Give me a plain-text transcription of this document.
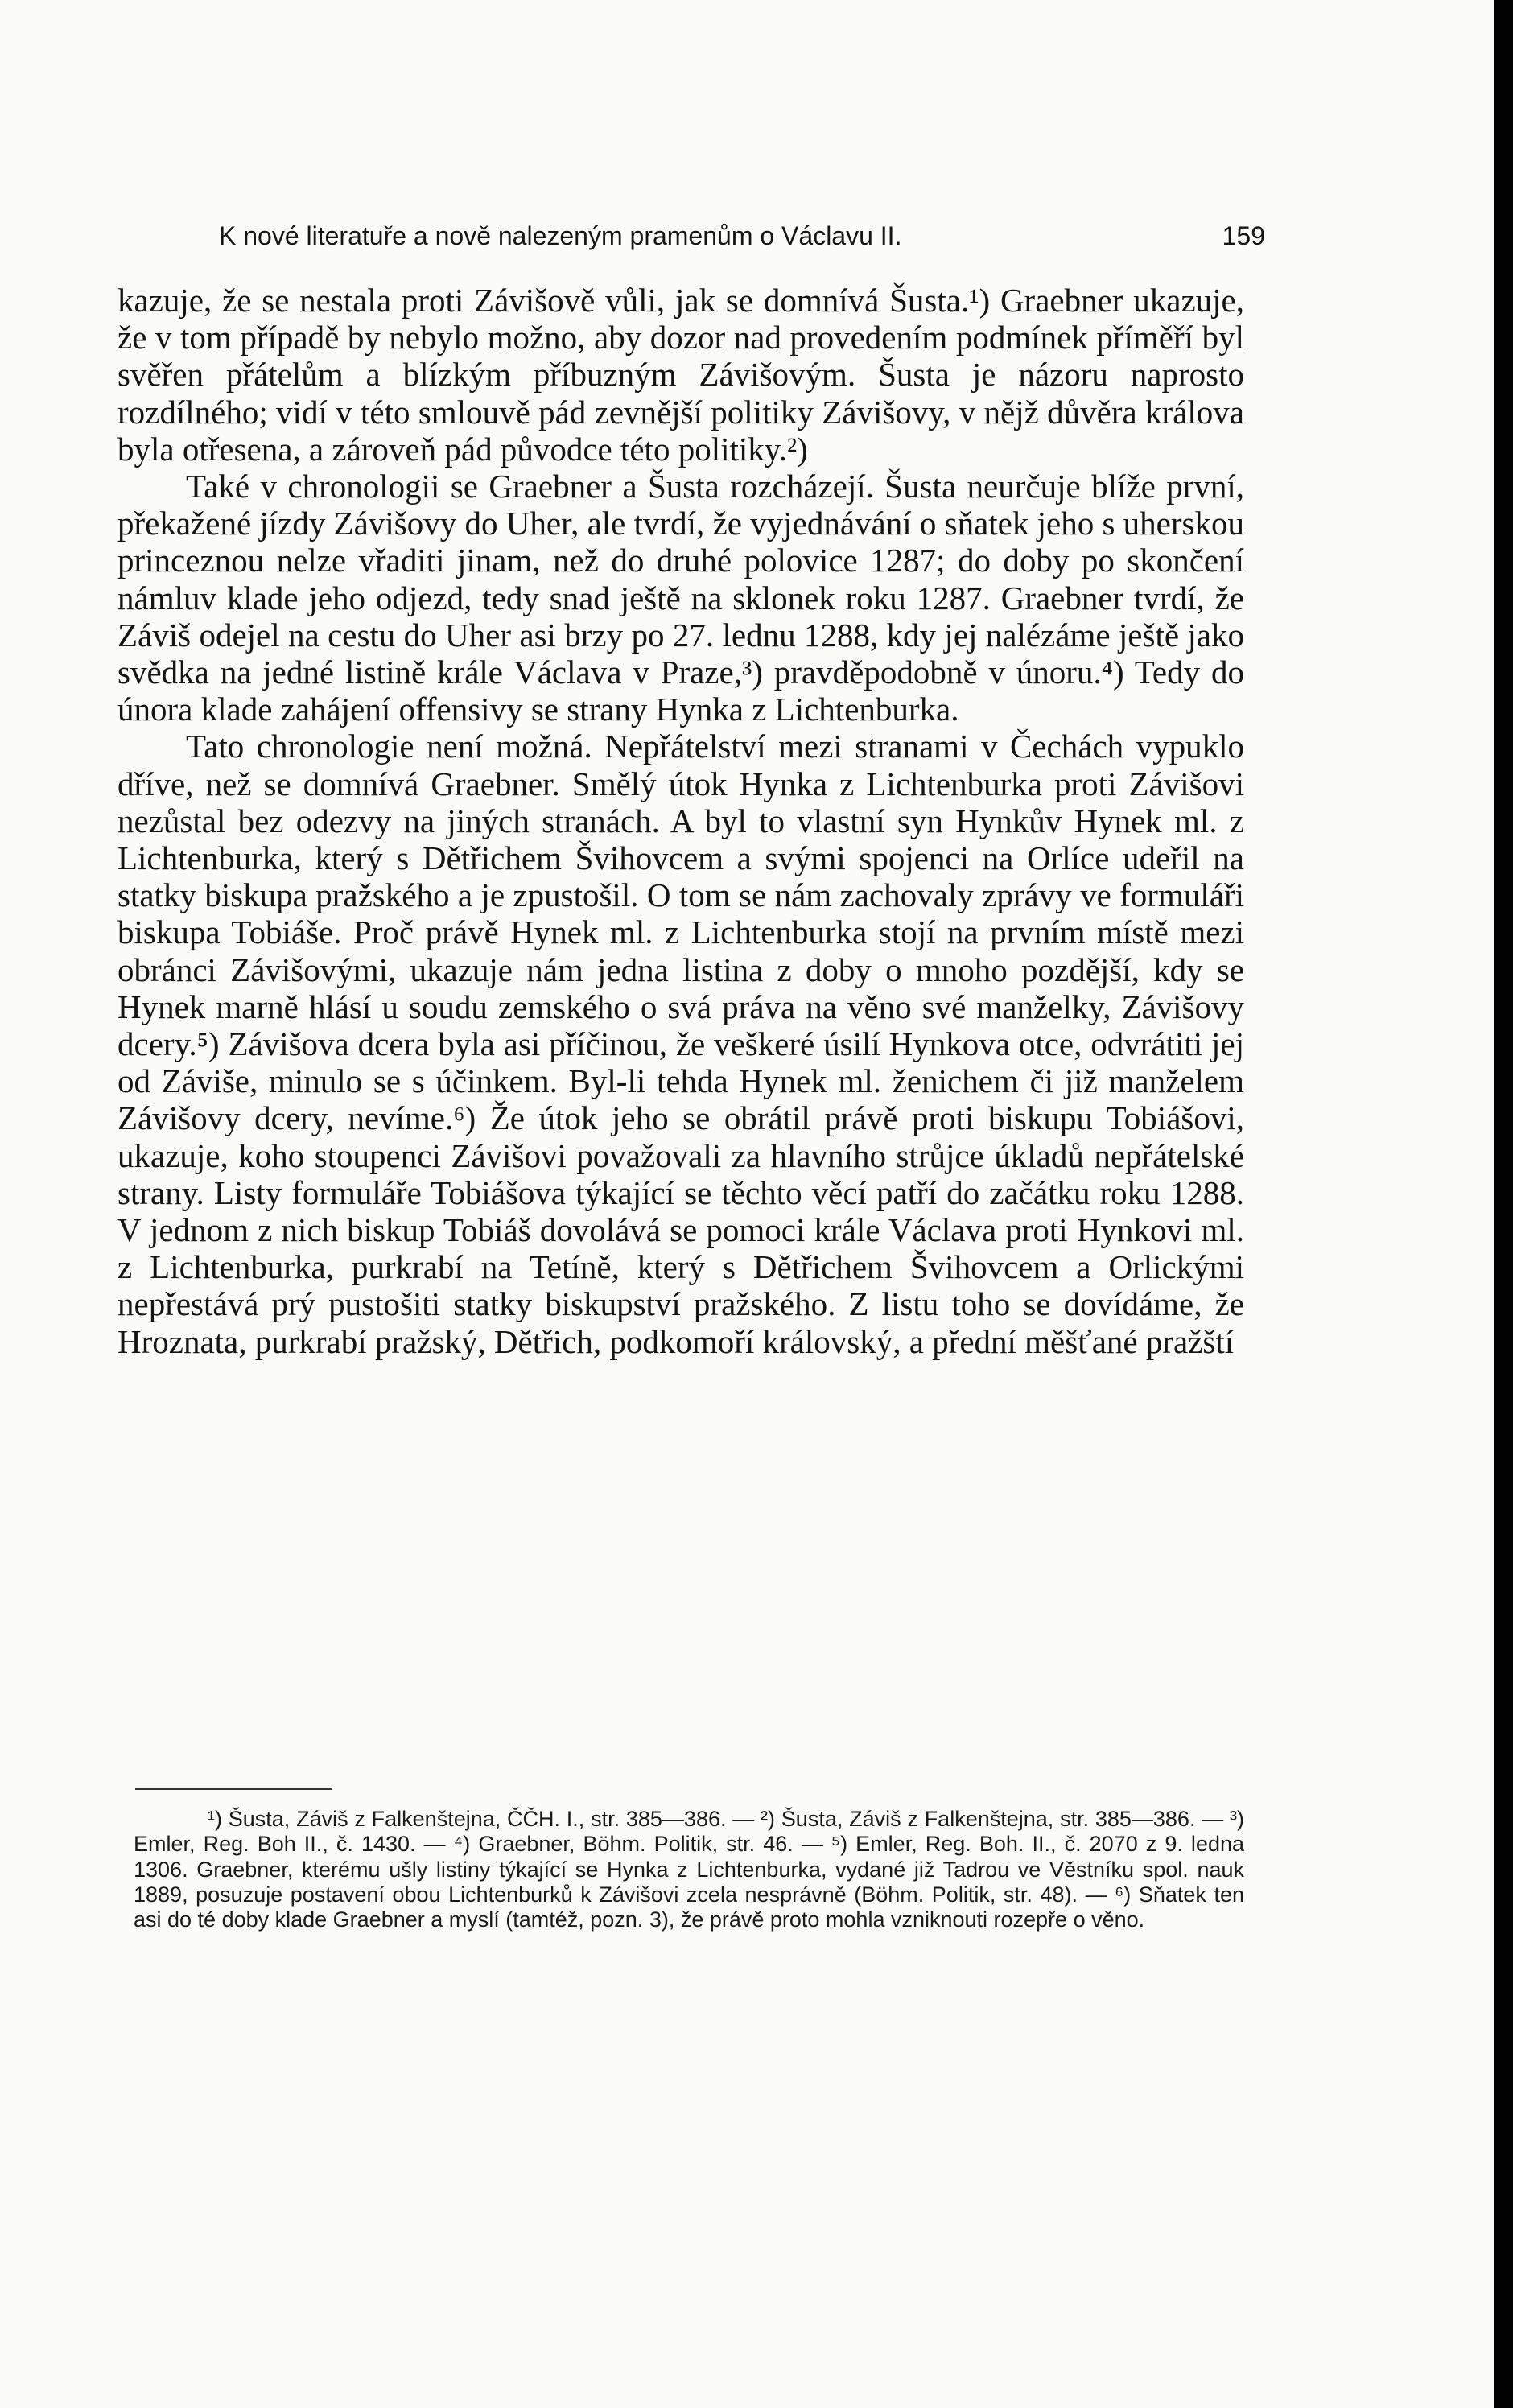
K nové literatuře a nově nalezeným pramenům o Václavu II.	159

kazuje, že se nestala proti Závišově vůli, jak se domnívá Šusta.¹) Graebner ukazuje, že v tom případě by nebylo možno, aby dozor nad provedením podmínek příměří byl svěřen přátelům a blízkým příbuzným Závišovým. Šusta je názoru naprosto rozdílného; vidí v této smlouvě pád zevnější politiky Závišovy, v nějž důvěra králova byla otřesena, a zároveň pád původce této politiky.²)

Také v chronologii se Graebner a Šusta rozcházejí. Šusta neurčuje blíže první, překažené jízdy Závišovy do Uher, ale tvrdí, že vyjednávání o sňatek jeho s uherskou princeznou nelze vřaditi jinam, než do druhé polovice 1287; do doby po skončení námluv klade jeho odjezd, tedy snad ještě na sklonek roku 1287. Graebner tvrdí, že Záviš odejel na cestu do Uher asi brzy po 27. lednu 1288, kdy jej nalézáme ještě jako svědka na jedné listině krále Václava v Praze,³) pravděpodobně v únoru.⁴) Tedy do února klade zahájení offensivy se strany Hynka z Lichtenburka.

Tato chronologie není možná. Nepřátelství mezi stranami v Čechách vypuklo dříve, než se domnívá Graebner. Smělý útok Hynka z Lichtenburka proti Závišovi nezůstal bez odezvy na jiných stranách. A byl to vlastní syn Hynkův Hynek ml. z Lichtenburka, který s Dětřichem Švihovcem a svými spojenci na Orlíce udeřil na statky biskupa pražského a je zpustošil. O tom se nám zachovaly zprávy ve formuláři biskupa Tobiáše. Proč právě Hynek ml. z Lichtenburka stojí na prvním místě mezi obránci Závišovými, ukazuje nám jedna listina z doby o mnoho pozdější, kdy se Hynek marně hlásí u soudu zemského o svá práva na věno své manželky, Závišovy dcery.⁵) Závišova dcera byla asi příčinou, že veškeré úsilí Hynkova otce, odvrátiti jej od Záviše, minulo se s účinkem. Byl-li tehda Hynek ml. ženichem či již manželem Závišovy dcery, nevíme.⁶) Že útok jeho se obrátil právě proti biskupu Tobiášovi, ukazuje, koho stoupenci Závišovi považovali za hlavního strůjce úkladů nepřátelské strany. Listy formuláře Tobiášova týkající se těchto věcí patří do začátku roku 1288. V jednom z nich biskup Tobiáš dovolává se pomoci krále Václava proti Hynkovi ml. z Lichtenburka, purkrabí na Tetíně, který s Dětřichem Švihovcem a Orlickými nepřestává prý pustošiti statky biskupství pražského. Z listu toho se dovídáme, že Hroznata, purkrabí pražský, Dětřich, podkomoří královský, a přední měšťané pražští

¹) Šusta, Záviš z Falkenštejna, ČČH. I., str. 385—386. — ²) Šusta, Záviš z Falkenštejna, str. 385—386. — ³) Emler, Reg. Boh II., č. 1430. — ⁴) Graebner, Böhm. Politik, str. 46. — ⁵) Emler, Reg. Boh. II., č. 2070 z 9. ledna 1306. Graebner, kterému ušly listiny týkající se Hynka z Lichtenburka, vydané již Tadrou ve Věstníku spol. nauk 1889, posuzuje postavení obou Lichtenburků k Závišovi zcela nesprávně (Böhm. Politik, str. 48). — ⁶) Sňatek ten asi do té doby klade Graebner a myslí (tamtéž, pozn. 3), že právě proto mohla vzniknouti rozepře o věno.
